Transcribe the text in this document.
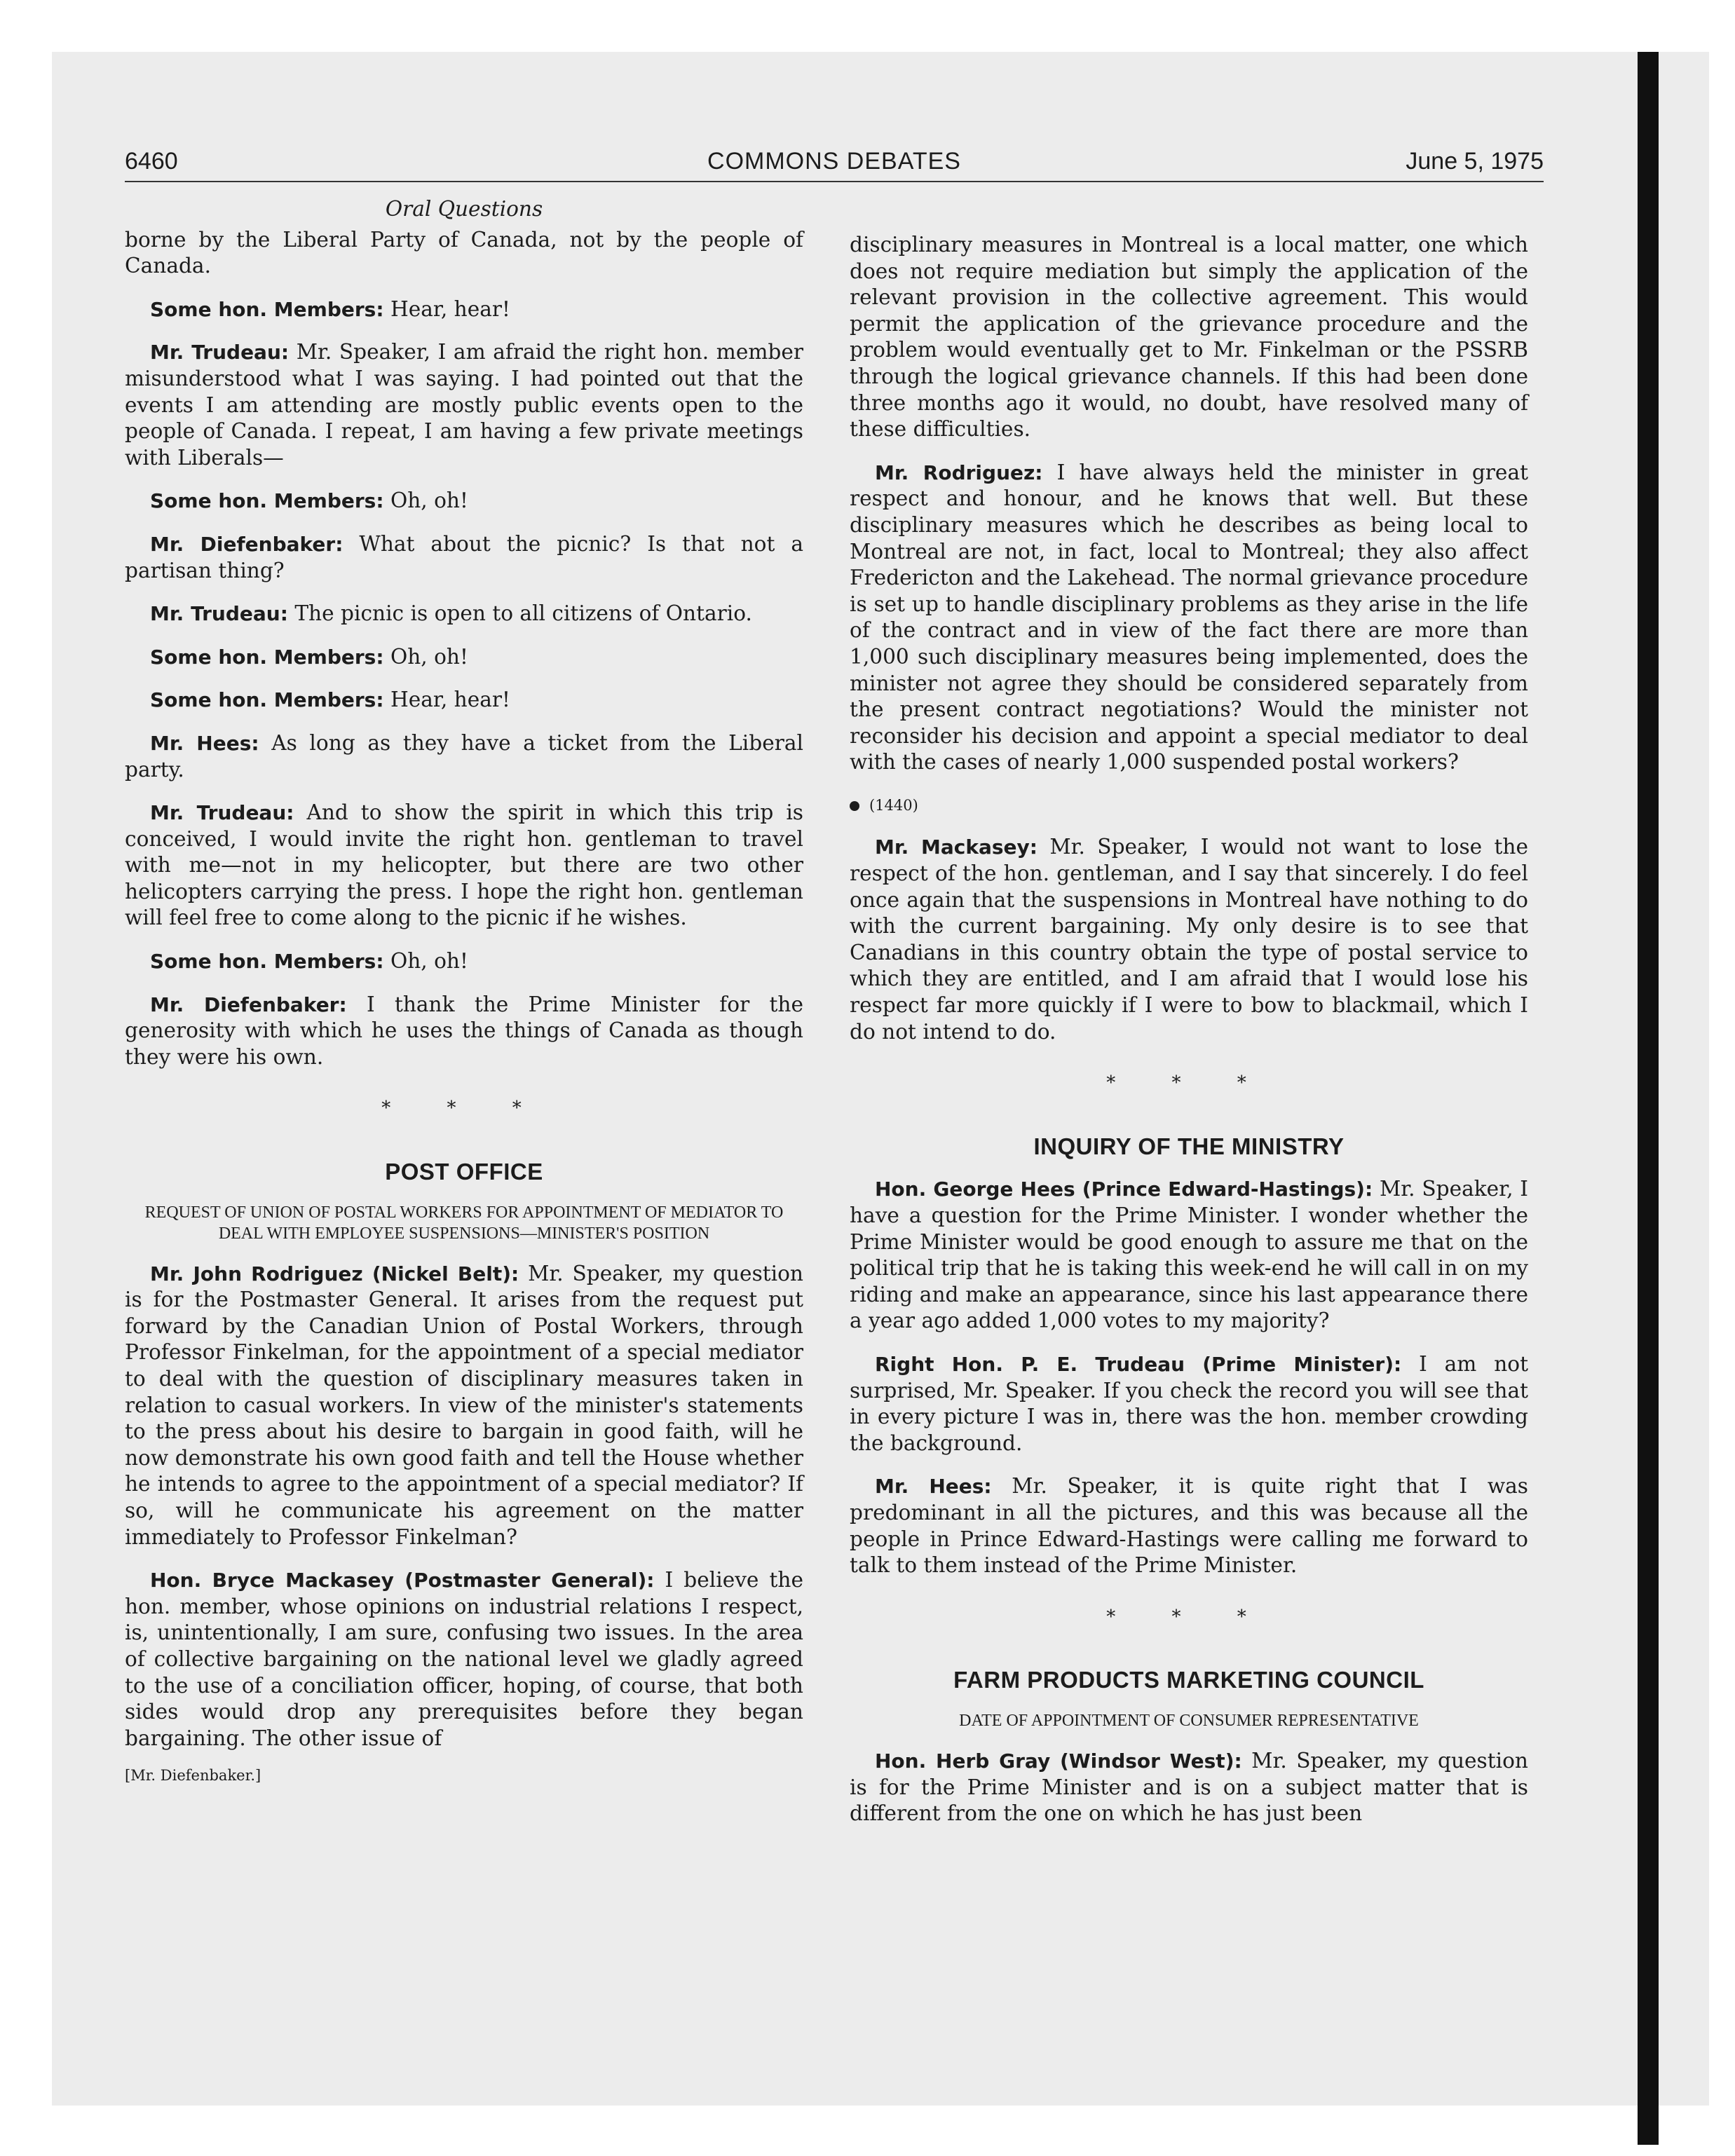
6460	COMMONS DEBATES	June 5, 1975
Oral Questions

borne by the Liberal Party of Canada, not by the people of Canada.

Some hon. Members: Hear, hear!

Mr. Trudeau: Mr. Speaker, I am afraid the right hon. member misunderstood what I was saying. I had pointed out that the events I am attending are mostly public events open to the people of Canada. I repeat, I am having a few private meetings with Liberals—

Some hon. Members: Oh, oh!

Mr. Diefenbaker: What about the picnic? Is that not a partisan thing?

Mr. Trudeau: The picnic is open to all citizens of Ontario.

Some hon. Members: Oh, oh!

Some hon. Members: Hear, hear!

Mr. Hees: As long as they have a ticket from the Liberal party.

Mr. Trudeau: And to show the spirit in which this trip is conceived, I would invite the right hon. gentleman to travel with me—not in my helicopter, but there are two other helicopters carrying the press. I hope the right hon. gentleman will feel free to come along to the picnic if he wishes.

Some hon. Members: Oh, oh!

Mr. Diefenbaker: I thank the Prime Minister for the generosity with which he uses the things of Canada as though they were his own.

* * *
POST OFFICE
REQUEST OF UNION OF POSTAL WORKERS FOR APPOINTMENT OF MEDIATOR TO DEAL WITH EMPLOYEE SUSPENSIONS—MINISTER'S POSITION

Mr. John Rodriguez (Nickel Belt): Mr. Speaker, my question is for the Postmaster General. It arises from the request put forward by the Canadian Union of Postal Workers, through Professor Finkelman, for the appointment of a special mediator to deal with the question of disciplinary measures taken in relation to casual workers. In view of the minister's statements to the press about his desire to bargain in good faith, will he now demonstrate his own good faith and tell the House whether he intends to agree to the appointment of a special mediator? If so, will he communicate his agreement on the matter immediately to Professor Finkelman?

Hon. Bryce Mackasey (Postmaster General): I believe the hon. member, whose opinions on industrial relations I respect, is, unintentionally, I am sure, confusing two issues. In the area of collective bargaining on the national level we gladly agreed to the use of a conciliation officer, hoping, of course, that both sides would drop any prerequisites before they began bargaining. The other issue of

[Mr. Diefenbaker.]

disciplinary measures in Montreal is a local matter, one which does not require mediation but simply the application of the relevant provision in the collective agreement. This would permit the application of the grievance procedure and the problem would eventually get to Mr. Finkelman or the PSSRB through the logical grievance channels. If this had been done three months ago it would, no doubt, have resolved many of these difficulties.

Mr. Rodriguez: I have always held the minister in great respect and honour, and he knows that well. But these disciplinary measures which he describes as being local to Montreal are not, in fact, local to Montreal; they also affect Fredericton and the Lakehead. The normal grievance procedure is set up to handle disciplinary problems as they arise in the life of the contract and in view of the fact there are more than 1,000 such disciplinary measures being implemented, does the minister not agree they should be considered separately from the present contract negotiations? Would the minister not reconsider his decision and appoint a special mediator to deal with the cases of nearly 1,000 suspended postal workers?

(1440)

Mr. Mackasey: Mr. Speaker, I would not want to lose the respect of the hon. gentleman, and I say that sincerely. I do feel once again that the suspensions in Montreal have nothing to do with the current bargaining. My only desire is to see that Canadians in this country obtain the type of postal service to which they are entitled, and I am afraid that I would lose his respect far more quickly if I were to bow to blackmail, which I do not intend to do.

* * *
INQUIRY OF THE MINISTRY

Hon. George Hees (Prince Edward-Hastings): Mr. Speaker, I have a question for the Prime Minister. I wonder whether the Prime Minister would be good enough to assure me that on the political trip that he is taking this week-end he will call in on my riding and make an appearance, since his last appearance there a year ago added 1,000 votes to my majority?

Right Hon. P. E. Trudeau (Prime Minister): I am not surprised, Mr. Speaker. If you check the record you will see that in every picture I was in, there was the hon. member crowding the background.

Mr. Hees: Mr. Speaker, it is quite right that I was predominant in all the pictures, and this was because all the people in Prince Edward-Hastings were calling me forward to talk to them instead of the Prime Minister.

* * *
FARM PRODUCTS MARKETING COUNCIL
DATE OF APPOINTMENT OF CONSUMER REPRESENTATIVE

Hon. Herb Gray (Windsor West): Mr. Speaker, my question is for the Prime Minister and is on a subject matter that is different from the one on which he has just been
